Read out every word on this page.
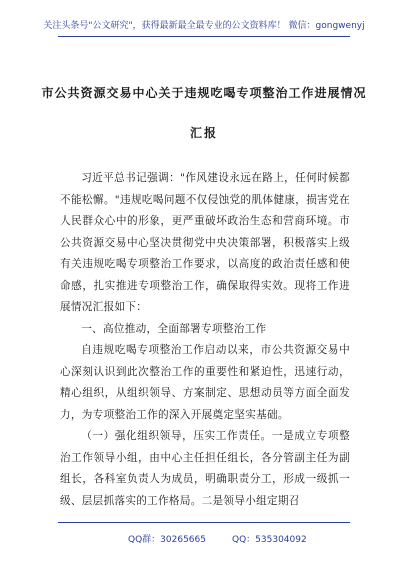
关注头条号"公文研究"，获得最新最全最专业的公文资料库！ 微信：gongwenyj
市公共资源交易中心关于违规吃喝专项整治工作进展情况
汇报

习近平总书记强调："作风建设永远在路上，任何时候都不能松懈。"违规吃喝问题不仅侵蚀党的肌体健康，损害党在人民群众心中的形象，更严重破坏政治生态和营商环境。市公共资源交易中心坚决贯彻党中央决策部署，积极落实上级有关违规吃喝专项整治工作要求，以高度的政治责任感和使命感，扎实推进专项整治工作，确保取得实效。现将工作进展情况汇报如下：

一、高位推动，全面部署专项整治工作

自违规吃喝专项整治工作启动以来，市公共资源交易中心深刻认识到此次整治工作的重要性和紧迫性，迅速行动，精心组织，从组织领导、方案制定、思想动员等方面全面发力，为专项整治工作的深入开展奠定坚实基础。

（一）强化组织领导，压实工作责任。一是成立专项整治工作领导小组，由中心主任担任组长，各分管副主任为副组长，各科室负责人为成员，明确职责分工，形成一级抓一级、层层抓落实的工作格局。二是领导小组定期召

QQ群：30265665	QQ：535304092
